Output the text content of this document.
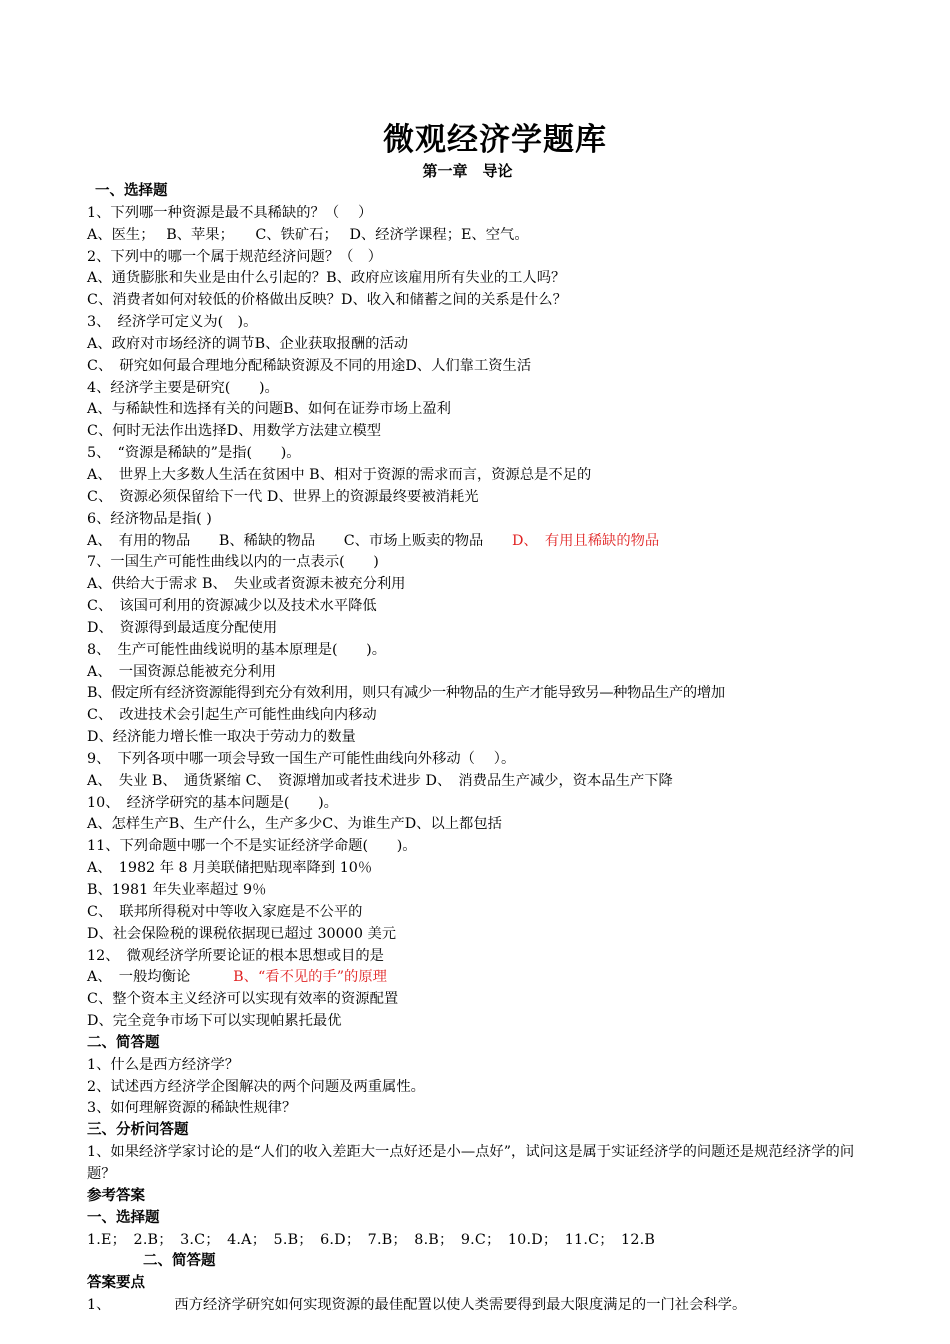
微观经济学题库
第一章　导论
一、选择题
1、下列哪一种资源是最不具稀缺的？（　 ）
A、医生；　 B、苹果；　　C、铁矿石；　 D、经济学课程；E、空气。
2、下列中的哪一个属于规范经济问题？（　）
A、通货膨胀和失业是由什么引起的？B、政府应该雇用所有失业的工人吗？
C、消费者如何对较低的价格做出反映？D、收入和储蓄之间的关系是什么？
3、　经济学可定义为(　)。
A、政府对市场经济的调节B、企业获取报酬的活动
C、　研究如何最合理地分配稀缺资源及不同的用途D、人们靠工资生活
4、经济学主要是研究(　　)。
A、与稀缺性和选择有关的问题B、如何在证券市场上盈利
C、何时无法作出选择D、用数学方法建立模型
5、　“资源是稀缺的”是指(　　)。
A、　世界上大多数人生活在贫困中 B、相对于资源的需求而言，资源总是不足的
C、　资源必须保留给下一代 D、世界上的资源最终要被消耗光
6、经济物品是指( )
A、　有用的物品　　B、稀缺的物品　　C、市场上贩卖的物品　　D、　有用且稀缺的物品
7、一国生产可能性曲线以内的一点表示(　　)
A、供给大于需求 B、　失业或者资源未被充分利用
C、　该国可利用的资源减少以及技术水平降低
D、　资源得到最适度分配使用
8、　生产可能性曲线说明的基本原理是(　　)。
A、　一国资源总能被充分利用
B、假定所有经济资源能得到充分有效利用，则只有减少一种物品的生产才能导致另—种物品生产的增加
C、　改进技术会引起生产可能性曲线向内移动
D、经济能力增长惟一取决于劳动力的数量
9、　下列各项中哪一项会导致一国生产可能性曲线向外移动（　 ）。
A、　失业 B、　通货紧缩 C、　资源增加或者技术进步 D、　消费品生产减少，资本品生产下降
10、　经济学研究的基本问题是(　　)。
A、怎样生产B、生产什么，生产多少C、为谁生产D、以上都包括
11、下列命题中哪一个不是实证经济学命题(　　)。
A、　1982 年 8 月美联储把贴现率降到 10％
B、1981 年失业率超过 9％
C、　联邦所得税对中等收入家庭是不公平的
D、社会保险税的课税依据现已超过 30000 美元
12、　微观经济学所要论证的根本思想或目的是
A、　一般均衡论　　　B、“看不见的手”的原理
C、整个资本主义经济可以实现有效率的资源配置
D、完全竞争市场下可以实现帕累托最优
二、简答题
1、什么是西方经济学？
2、试述西方经济学企图解决的两个问题及两重属性。
3、如何理解资源的稀缺性规律？
三、分析问答题
1、如果经济学家讨论的是“人们的收入差距大一点好还是小—点好”，试问这是属于实证经济学的问题还是规范经济学的问题？
参考答案
一、选择题
1.E；　2.B；　3.C；　4.A；　5.B；　6.D；　7.B；　8.B；　9.C；　10.D；　11.C；　12.B
二、简答题
答案要点
1、	西方经济学研究如何实现资源的最佳配置以使人类需要得到最大限度满足的一门社会科学。
